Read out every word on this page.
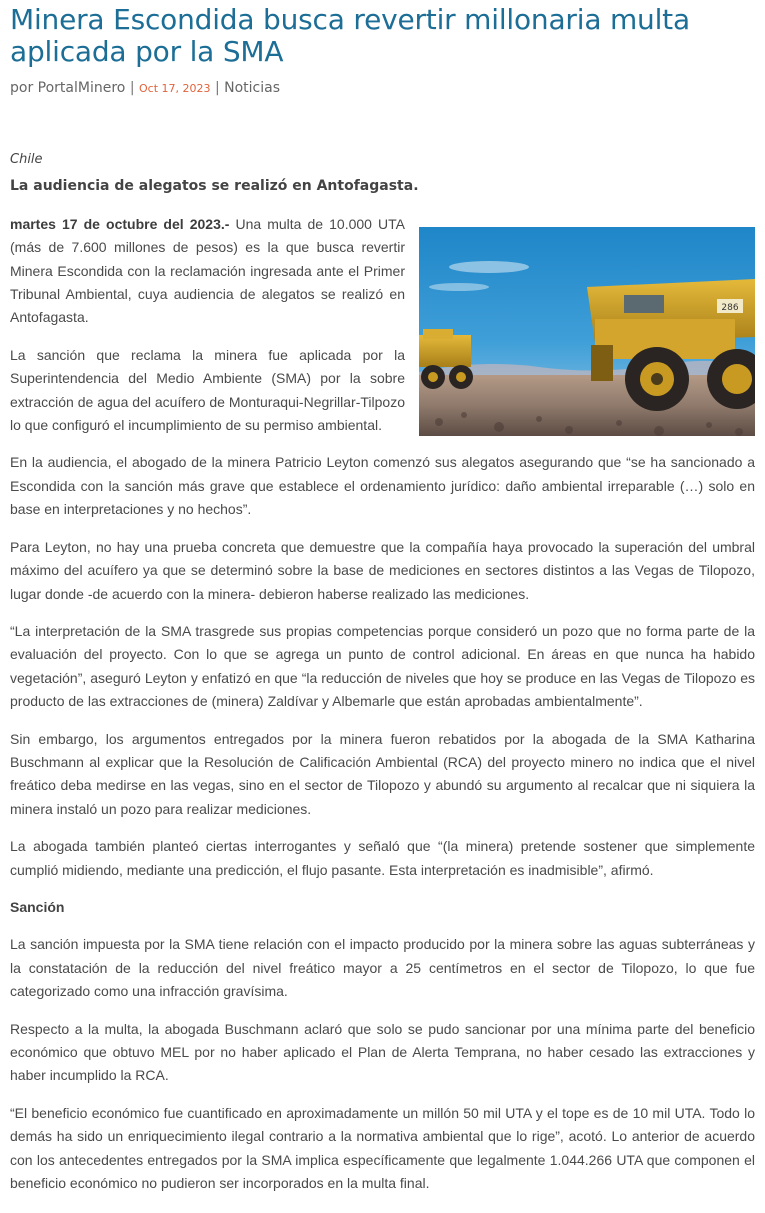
Minera Escondida busca revertir millonaria multa aplicada por la SMA
por PortalMinero | Oct 17, 2023 | Noticias

Chile

La audiencia de alegatos se realizó en Antofagasta.

286

martes 17 de octubre del 2023.- Una multa de 10.000 UTA (más de 7.600 millones de pesos) es la que busca revertir Minera Escondida con la reclamación ingresada ante el Primer Tribunal Ambiental, cuya audiencia de alegatos se realizó en Antofagasta.

La sanción que reclama la minera fue aplicada por la Superintendencia del Medio Ambiente (SMA) por la sobre extracción de agua del acuífero de Monturaqui-Negrillar-Tilpozo lo que configuró el incumplimiento de su permiso ambiental.

En la audiencia, el abogado de la minera Patricio Leyton comenzó sus alegatos asegurando que “se ha sancionado a Escondida con la sanción más grave que establece el ordenamiento jurídico: daño ambiental irreparable (…) solo en base en interpretaciones y no hechos”.

Para Leyton, no hay una prueba concreta que demuestre que la compañía haya provocado la superación del umbral máximo del acuífero ya que se determinó sobre la base de mediciones en sectores distintos a las Vegas de Tilopozo, lugar donde -de acuerdo con la minera- debieron haberse realizado las mediciones.

“La interpretación de la SMA trasgrede sus propias competencias porque consideró un pozo que no forma parte de la evaluación del proyecto. Con lo que se agrega un punto de control adicional. En áreas en que nunca ha habido vegetación”, aseguró Leyton y enfatizó en que “la reducción de niveles que hoy se produce en las Vegas de Tilopozo es producto de las extracciones de (minera) Zaldívar y Albemarle que están aprobadas ambientalmente”.

Sin embargo, los argumentos entregados por la minera fueron rebatidos por la abogada de la SMA Katharina Buschmann al explicar que la Resolución de Calificación Ambiental (RCA) del proyecto minero no indica que el nivel freático deba medirse en las vegas, sino en el sector de Tilopozo y abundó su argumento al recalcar que ni siquiera la minera instaló un pozo para realizar mediciones.

La abogada también planteó ciertas interrogantes y señaló que “(la minera) pretende sostener que simplemente cumplió midiendo, mediante una predicción, el flujo pasante. Esta interpretación es inadmisible”, afirmó.

Sanción

La sanción impuesta por la SMA tiene relación con el impacto producido por la minera sobre las aguas subterráneas y la constatación de la reducción del nivel freático mayor a 25 centímetros en el sector de Tilopozo, lo que fue categorizado como una infracción gravísima.

Respecto a la multa, la abogada Buschmann aclaró que solo se pudo sancionar por una mínima parte del beneficio económico que obtuvo MEL por no haber aplicado el Plan de Alerta Temprana, no haber cesado las extracciones y haber incumplido la RCA.

“El beneficio económico fue cuantificado en aproximadamente un millón 50 mil UTA y el tope es de 10 mil UTA. Todo lo demás ha sido un enriquecimiento ilegal contrario a la normativa ambiental que lo rige”, acotó. Lo anterior de acuerdo con los antecedentes entregados por la SMA implica específicamente que legalmente 1.044.266 UTA que componen el beneficio económico no pudieron ser incorporados en la multa final.
